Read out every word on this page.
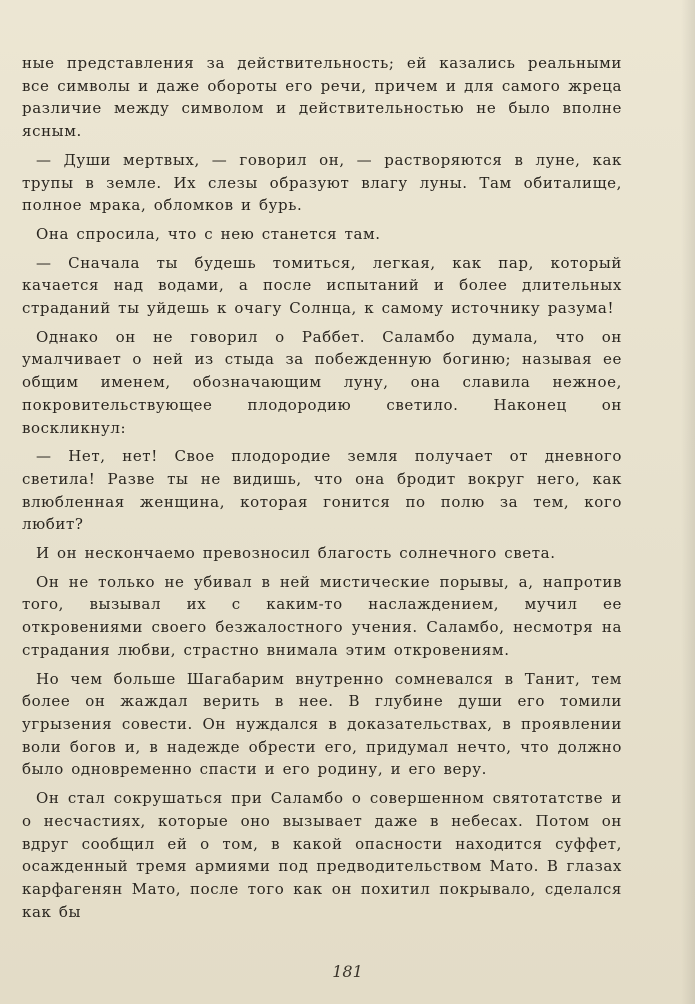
ные представления за действительность; ей казались реальными все символы и даже обороты его речи, причем и для самого жреца различие между символом и действительностью не было вполне ясным.

— Души мертвых, — говорил он, — растворяются в луне, как трупы в земле. Их слезы образуют влагу луны. Там обиталище, полное мрака, обломков и бурь.

Она спросила, что с нею станется там.

— Сначала ты будешь томиться, легкая, как пар, который качается над водами, а после испытаний и более длительных страданий ты уйдешь к очагу Солнца, к самому источнику разума!

Однако он не говорил о Раббет. Саламбо думала, что он умалчивает о ней из стыда за побежденную богиню; называя ее общим именем, обозначающим луну, она славила нежное, покровительствующее плодородию светило. Наконец он воскликнул:

— Нет, нет! Свое плодородие земля получает от дневного светила! Разве ты не видишь, что она бродит вокруг него, как влюбленная женщина, которая гонится по полю за тем, кого любит?

И он нескончаемо превозносил благость солнечного света.

Он не только не убивал в ней мистические порывы, а, напротив того, вызывал их с каким-то наслаждением, мучил ее откровениями своего безжалостного учения. Саламбо, несмотря на страдания любви, страстно внимала этим откровениям.

Но чем больше Шагабарим внутренно сомневался в Танит, тем более он жаждал верить в нее. В глубине души его томили угрызения совести. Он нуждался в доказательствах, в проявлении воли богов и, в надежде обрести его, придумал нечто, что должно было одновременно спасти и его родину, и его веру.

Он стал сокрушаться при Саламбо о совершенном святотатстве и о несчастиях, которые оно вызывает даже в небесах. Потом он вдруг сообщил ей о том, в какой опасности находится суффет, осажденный тремя армиями под предводительством Мато. В глазах карфагенян Мато, после того как он похитил покрывало, сделался как бы

181
